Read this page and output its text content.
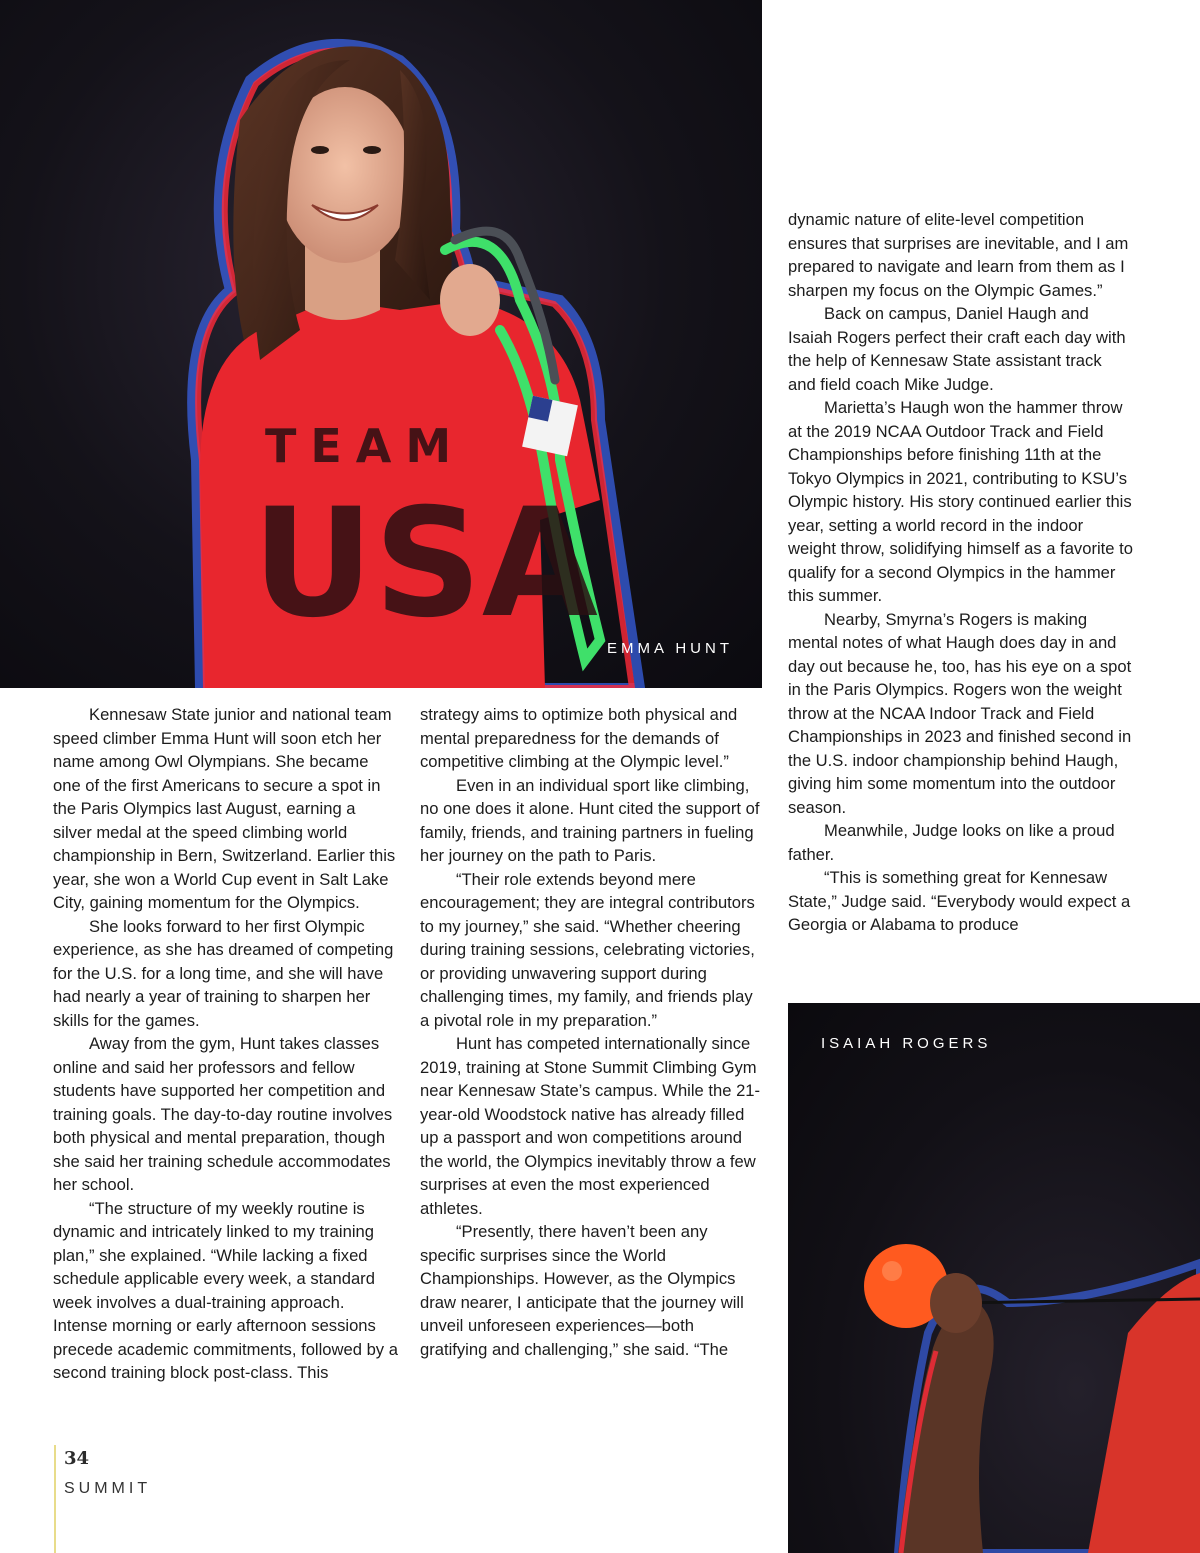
TEAM
USA EMMA HUNT
ISAIAH ROGERS

Kennesaw State junior and national team speed climber Emma Hunt will soon etch her name among Owl Olympians. She became one of the first Americans to secure a spot in the Paris Olympics last August, earning a silver medal at the speed climbing world championship in Bern, Switzerland. Earlier this year, she won a World Cup event in Salt Lake City, gaining momentum for the Olympics.

She looks forward to her first Olympic experience, as she has dreamed of competing for the U.S. for a long time, and she will have had nearly a year of training to sharpen her skills for the games.

Away from the gym, Hunt takes classes online and said her professors and fellow students have supported her competition and training goals. The day-to-day routine involves both physical and mental preparation, though she said her training schedule accommodates her school.

“The structure of my weekly routine is dynamic and intricately linked to my training plan,” she explained. “While lacking a fixed schedule applicable every week, a standard week involves a dual-training approach. Intense morning or early afternoon sessions precede academic commitments, followed by a second training block post-class. This

strategy aims to optimize both physical and mental preparedness for the demands of competitive climbing at the Olympic level.”

Even in an individual sport like climbing, no one does it alone. Hunt cited the support of family, friends, and training partners in fueling her journey on the path to Paris.

“Their role extends beyond mere encouragement; they are integral contributors to my journey,” she said. “Whether cheering during training sessions, celebrating victories, or providing unwavering support during challenging times, my family, and friends play a pivotal role in my preparation.”

Hunt has competed internationally since 2019, training at Stone Summit Climbing Gym near Kennesaw State’s campus. While the 21-year-old Woodstock native has already filled up a passport and won competitions around the world, the Olympics inevitably throw a few surprises at even the most experienced athletes.

“Presently, there haven’t been any specific surprises since the World Championships. However, as the Olympics draw nearer, I anticipate that the journey will unveil unforeseen experiences—both gratifying and challenging,” she said. “The

dynamic nature of elite-level competition ensures that surprises are inevitable, and I am prepared to navigate and learn from them as I sharpen my focus on the Olympic Games.”

Back on campus, Daniel Haugh and Isaiah Rogers perfect their craft each day with the help of Kennesaw State assistant track and field coach Mike Judge.

Marietta’s Haugh won the hammer throw at the 2019 NCAA Outdoor Track and Field Championships before finishing 11th at the Tokyo Olympics in 2021, contributing to KSU’s Olympic history. His story continued earlier this year, setting a world record in the indoor weight throw, solidifying himself as a favorite to qualify for a second Olympics in the hammer this summer.

Nearby, Smyrna’s Rogers is making mental notes of what Haugh does day in and day out because he, too, has his eye on a spot in the Paris Olympics. Rogers won the weight throw at the NCAA Indoor Track and Field Championships in 2023 and finished second in the U.S. indoor championship behind Haugh, giving him some momentum into the outdoor season.

Meanwhile, Judge looks on like a proud father.

“This is something great for Kennesaw State,” Judge said. “Everybody would expect a Georgia or Alabama to produce

34
SUMMIT
